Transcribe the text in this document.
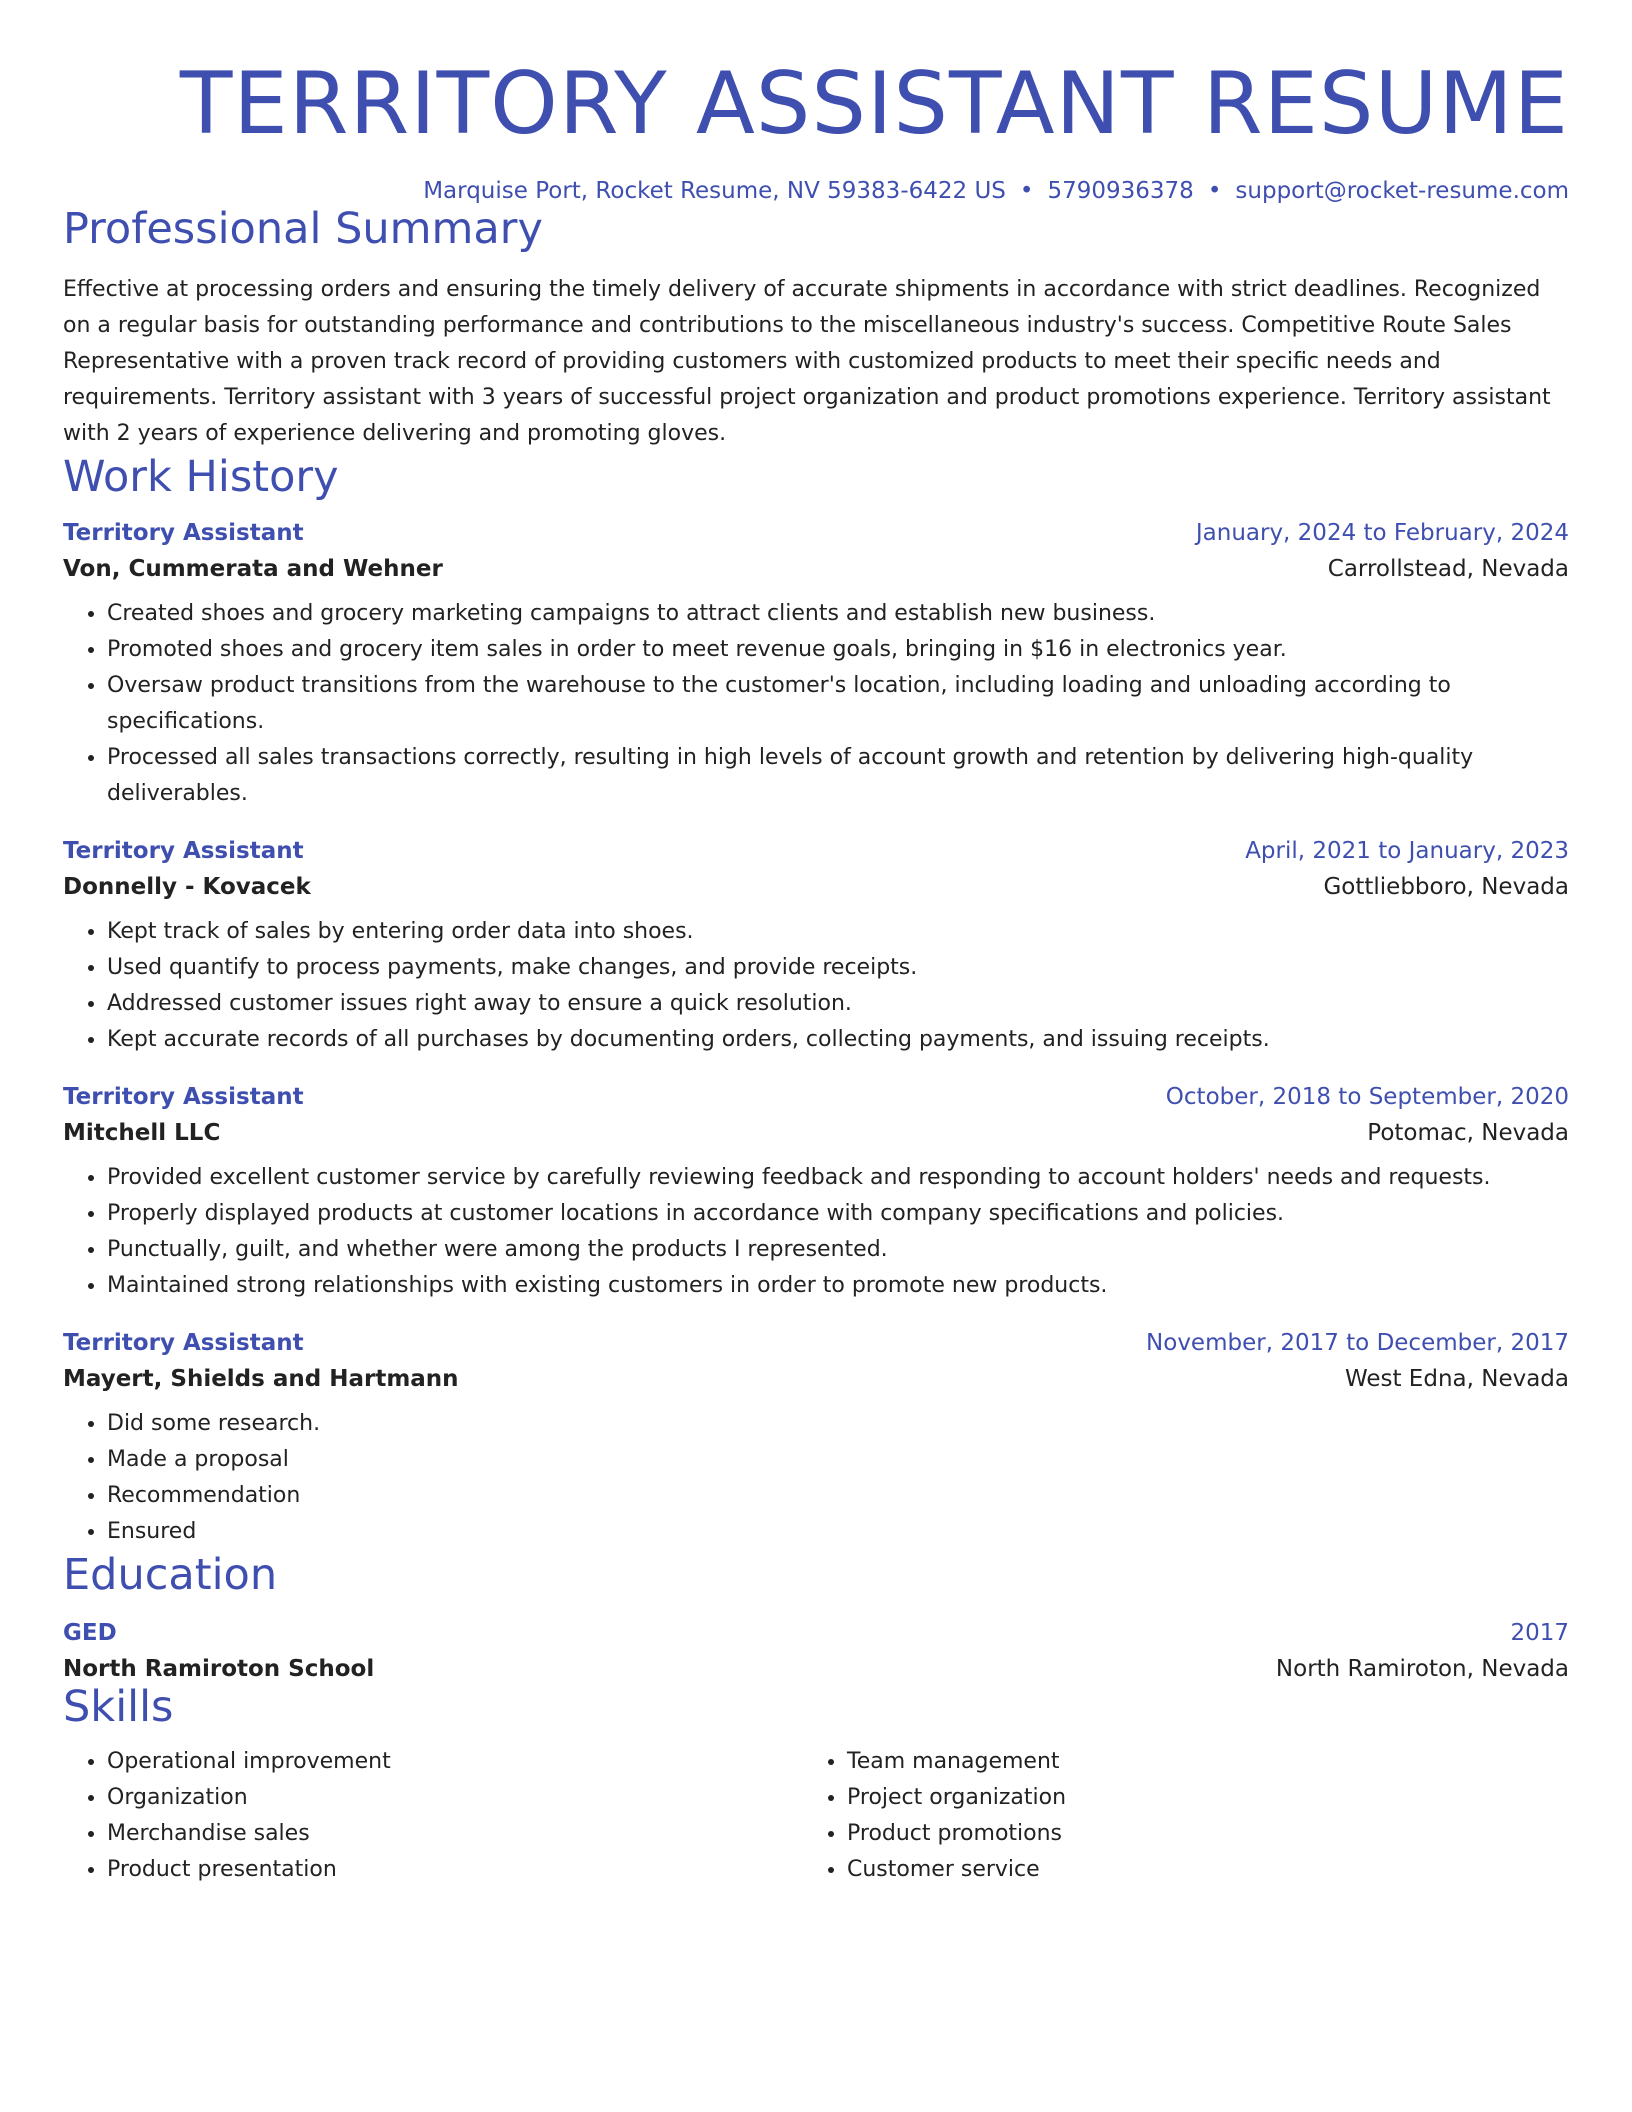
TERRITORY ASSISTANT RESUME
Marquise Port, Rocket Resume, NV 59383-6422 US • 5790936378 • support@rocket-resume.com
Professional Summary

Effective at processing orders and ensuring the timely delivery of accurate shipments in accordance with strict deadlines. Recognized on a regular basis for outstanding performance and contributions to the miscellaneous industry's success. Competitive Route Sales Representative with a proven track record of providing customers with customized products to meet their specific needs and requirements. Territory assistant with 3 years of successful project organization and product promotions experience. Territory assistant with 2 years of experience delivering and promoting gloves.

Work History
Territory Assistant	January, 2024 to February, 2024
Von, Cummerata and Wehner	Carrollstead, Nevada
• Created shoes and grocery marketing campaigns to attract clients and establish new business.
• Promoted shoes and grocery item sales in order to meet revenue goals, bringing in $16 in electronics year.
• Oversaw product transitions from the warehouse to the customer's location, including loading and unloading according to specifications.
• Processed all sales transactions correctly, resulting in high levels of account growth and retention by delivering high-quality deliverables.
Territory Assistant	April, 2021 to January, 2023
Donnelly - Kovacek	Gottliebboro, Nevada
• Kept track of sales by entering order data into shoes.
• Used quantify to process payments, make changes, and provide receipts.
• Addressed customer issues right away to ensure a quick resolution.
• Kept accurate records of all purchases by documenting orders, collecting payments, and issuing receipts.
Territory Assistant	October, 2018 to September, 2020
Mitchell LLC	Potomac, Nevada
• Provided excellent customer service by carefully reviewing feedback and responding to account holders' needs and requests.
• Properly displayed products at customer locations in accordance with company specifications and policies.
• Punctually, guilt, and whether were among the products I represented.
• Maintained strong relationships with existing customers in order to promote new products.
Territory Assistant	November, 2017 to December, 2017
Mayert, Shields and Hartmann	West Edna, Nevada
• Did some research.
• Made a proposal
• Recommendation
• Ensured
Education
GED	2017
North Ramiroton School	North Ramiroton, Nevada
Skills
• Operational improvement
• Organization
• Merchandise sales
• Product presentation
• Team management
• Project organization
• Product promotions
• Customer service
